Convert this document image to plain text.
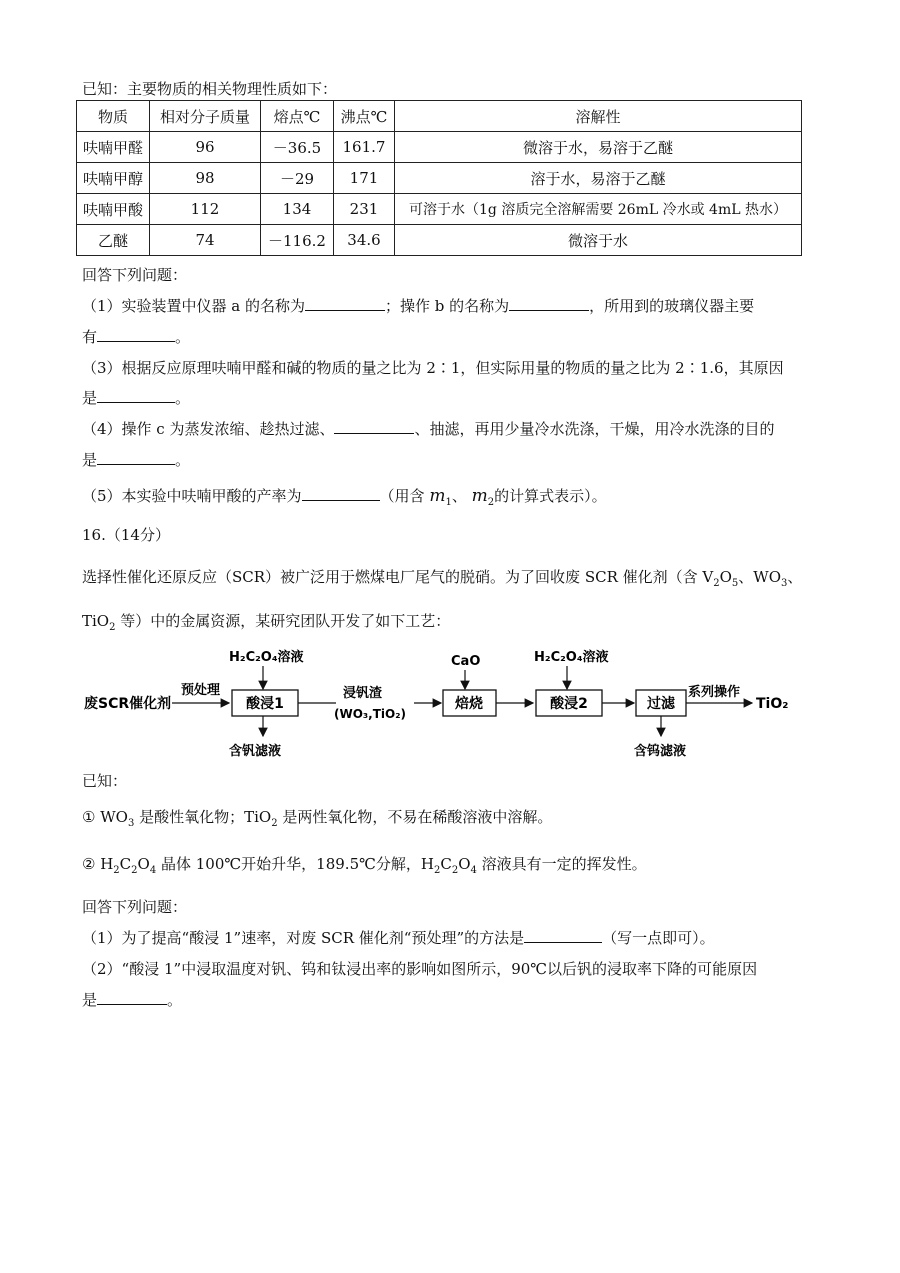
已知：主要物质的相关物理性质如下：
物质	相对分子质量	熔点℃	沸点℃	溶解性
呋喃甲醛	96	－36.5	161.7	微溶于水，易溶于乙醚
呋喃甲醇	98	－29	171	溶于水，易溶于乙醚
呋喃甲酸	112	134	231	可溶于水（1g 溶质完全溶解需要 26mL 冷水或 4mL 热水）
乙醚	74	－116.2	34.6	微溶于水
回答下列问题：
（1）实验装置中仪器 a 的名称为	；操作 b 的名称为	，所用到的玻璃仪器主要
有	。
（3）根据反应原理呋喃甲醛和碱的物质的量之比为 2∶1，但实际用量的物质的量之比为 2∶1.6，其原因
是	。
（4）操作 c 为蒸发浓缩、趁热过滤、	、抽滤，再用少量冷水洗涤，干燥，用冷水洗涤的目的
是	。
（5）本实验中呋喃甲酸的产率为	（用含 $m_1$、 $m_2$的计算式表示）。
16.（14分）
选择性催化还原反应（SCR）被广泛用于燃煤电厂尾气的脱硝。为了回收废 SCR 催化剂（含 $V_2O_5$、$WO_3$、
TiO$_2$ 等）中的金属资源，某研究团队开发了如下工艺：
废SCR催化剂
预处理
H₂C₂O₄溶液
酸浸1
含钒滤液
浸钒渣
(WO₃,TiO₂)
CaO
焙烧
H₂C₂O₄溶液
酸浸2	过滤
含钨滤液
系列操作
TiO₂
已知：
① $WO_3$ 是酸性氧化物；TiO$_2$ 是两性氧化物，不易在稀酸溶液中溶解。
② $H_2C_2O_4$ 晶体 100℃开始升华，189.5℃分解，$H_2C_2O_4$ 溶液具有一定的挥发性。
回答下列问题：
（1）为了提高“酸浸 1”速率，对废 SCR 催化剂“预处理”的方法是	（写一点即可）。
（2）“酸浸 1”中浸取温度对钒、钨和钛浸出率的影响如图所示，90℃以后钒的浸取率下降的可能原因
是	。
